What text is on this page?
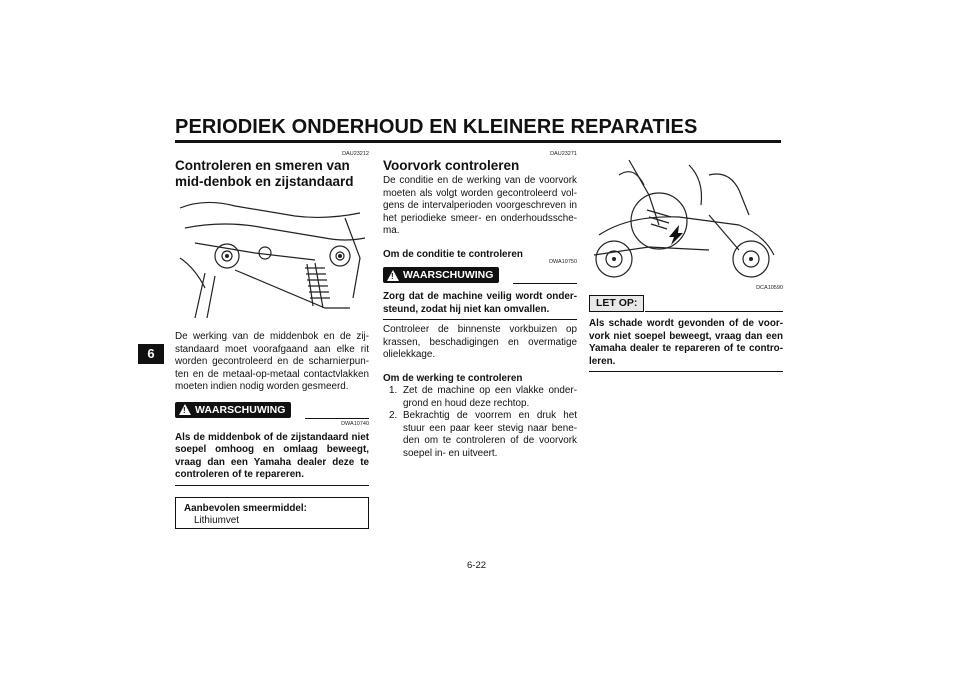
PERIODIEK ONDERHOUD EN KLEINERE REPARATIES
6
DAU23212
Controleren en smeren van mid-denbok en zijstandaard
De werking van de middenbok en de zij-standaard moet voorafgaand aan elke rit worden gecontroleerd en de scharnierpun-ten en de metaal-op-metaal contactvlakken moeten indien nodig worden gesmeerd.
! WAARSCHUWING
DWA10740
Als de middenbok of de zijstandaard niet soepel omhoog en omlaag beweegt, vraag dan een Yamaha dealer deze te controleren of te repareren.
Aanbevolen smeermiddel:
Lithiumvet
DAU23271
Voorvork controleren
De conditie en de werking van de voorvork moeten als volgt worden gecontroleerd vol-gens de intervalperioden voorgeschreven in het periodieke smeer- en onderhoudssche-ma.
Om de conditie te controleren
DWA10750
! WAARSCHUWING
Zorg dat de machine veilig wordt onder-steund, zodat hij niet kan omvallen.
Controleer de binnenste vorkbuizen op krassen, beschadigingen en overmatige olielekkage.
Om de werking te controleren
1. Zet de machine op een vlakke onder-grond en houd deze rechtop.
2. Bekrachtig de voorrem en druk het stuur een paar keer stevig naar bene-den om te controleren of de voorvork soepel in- en uitveert.
DCA10590
LET OP:
Als schade wordt gevonden of de voor-vork niet soepel beweegt, vraag dan een Yamaha dealer te repareren of te contro-leren.
6-22
